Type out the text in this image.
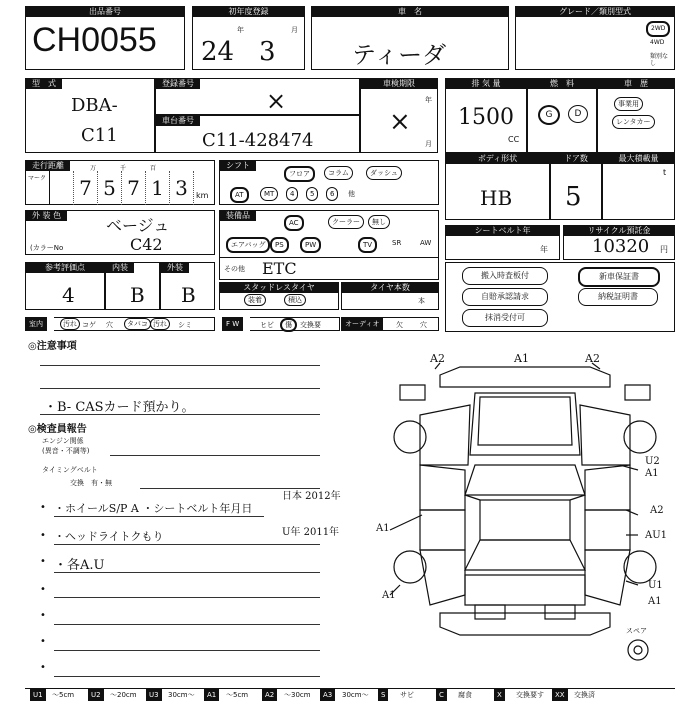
出品番号
CH0055
初年度登録
24
年
3
月
車　名
ティーダ
グレード／類別型式
2WD
4WD
類別なし
型　式
DBA-
C11
登録番号
×
車台番号
C11-428474
車検期限
×
年
月
排 気 量
1500
CC
燃　料
G	D
車　歴
事業用
レンタカー
走行距離
マーク
万	千	百
km
7 5 7 1 3
シフト
フロア	コラム	ダッシュ
AT	MT	4	5	6	他
ボディ形状
HB
ドア数
5
最大積載量
t
外 装 色
ベージュ
(カラーNo	C42
装備品
AC	クーラー	無し
エアバッグ	PS	PW	TV	SR	AW
その他 ETC
シートベルト年
年
リサイクル預託金
10320 円
参考評価点
4
内装
B
外装
B	スタッドレスタイヤ
装着	積込
タイヤ本数
本
搬入時査板付
自賠承認請求
抹消受付可
新車保証書
納税証明書
室内	汚れ コゲ 穴	タバコ 汚れ	シミ	F W	ヒビ	傷	交換要	オーディオ	欠 穴
◎注意事項
・B- CASカード預かり。
◎検査員報告
エンジン関係
(異音・不調等)
タイミングベルト
交換　有・無
• ・ホイールS/P A ・シートベルト年月日
日本 2012年
U年 2011年
• ・ヘッドライトクもり
• ・各A.U
•
•
•
•
A2	A1	A2
U2
A1
A2
AU1
U1
A1
A1
A1
スペア
U1	〜5cm	U2	〜20cm	U3	30cm〜	A1	〜5cm	A2	〜30cm	A3	30cm〜	S	サビ	C	腐食	X	交換要す	XX	交換済
